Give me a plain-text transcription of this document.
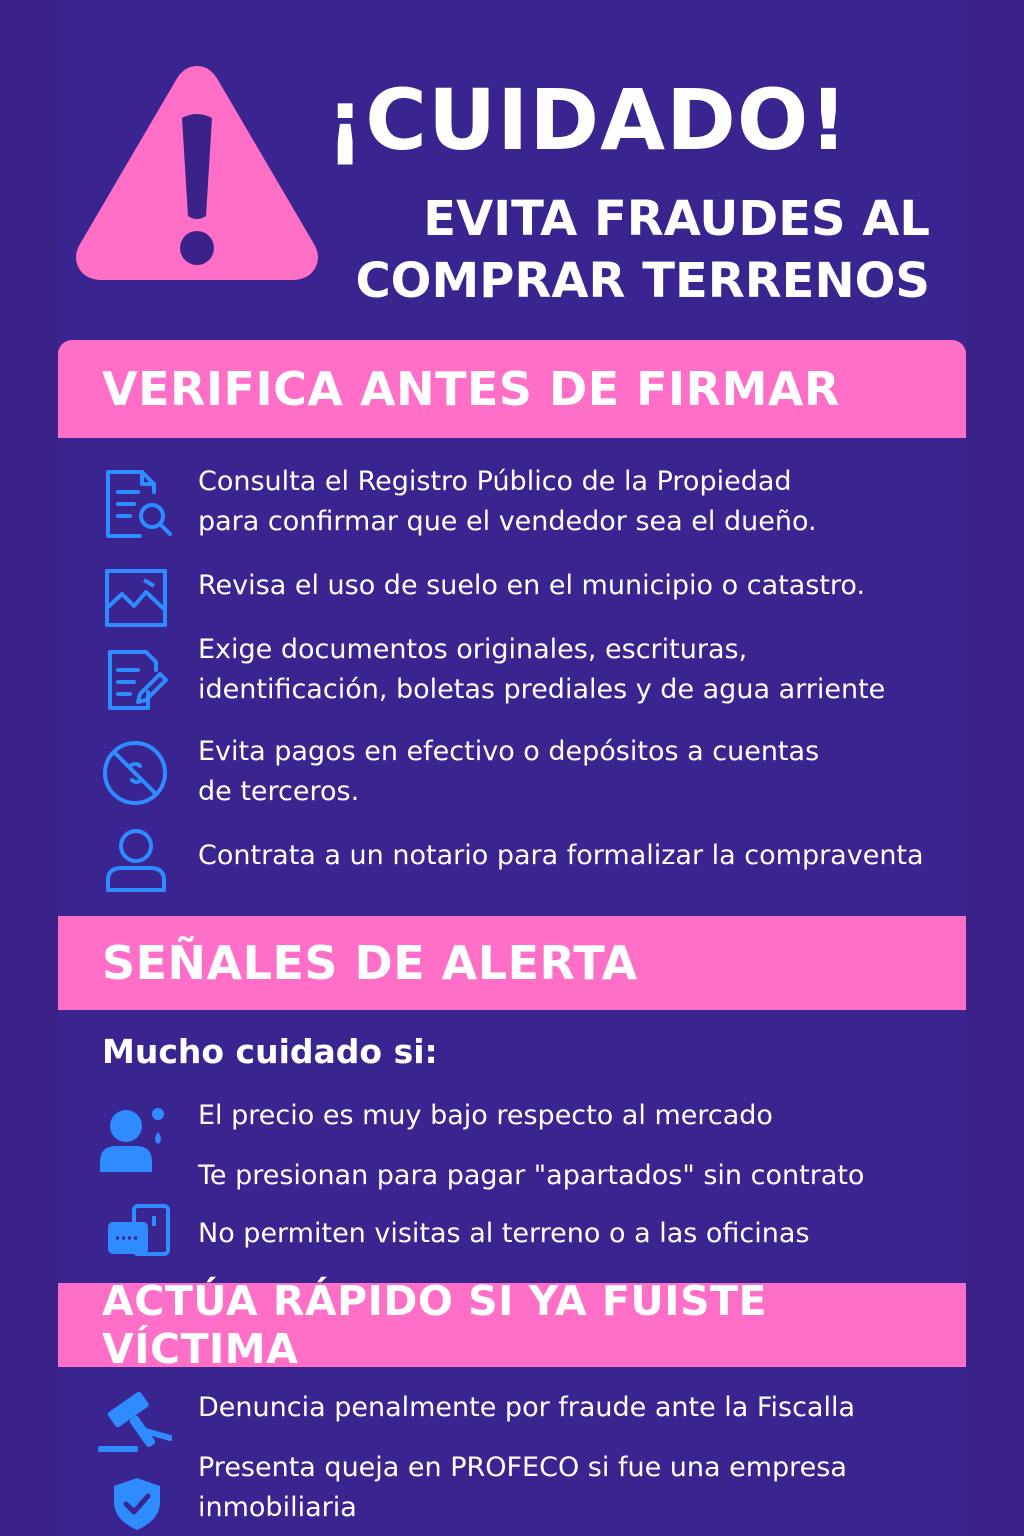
¡CUIDADO!
EVITA FRAUDES AL
COMPRAR TERRENOS
VERIFICA ANTES DE FIRMAR

Consulta el Registro Público de la Propiedad
para confirmar que el vendedor sea el dueño.

Revisa el uso de suelo en el municipio o catastro.

Exige documentos originales, escrituras,
identificación, boletas prediales y de agua arriente

Evita pagos en efectivo o depósitos a cuentas
de terceros.

Contrata a un notario para formalizar la compraventa

SEÑALES DE ALERTA

Mucho cuidado si:

El precio es muy bajo respecto al mercado

Te presionan para pagar "apartados" sin contrato

No permiten visitas al terreno o a las oficinas

ACTÚA RÁPIDO SI YA FUISTE VÍCTIMA

Denuncia penalmente por fraude ante la Fiscalla

Presenta queja en PROFECO si fue una empresa
inmobiliaria
